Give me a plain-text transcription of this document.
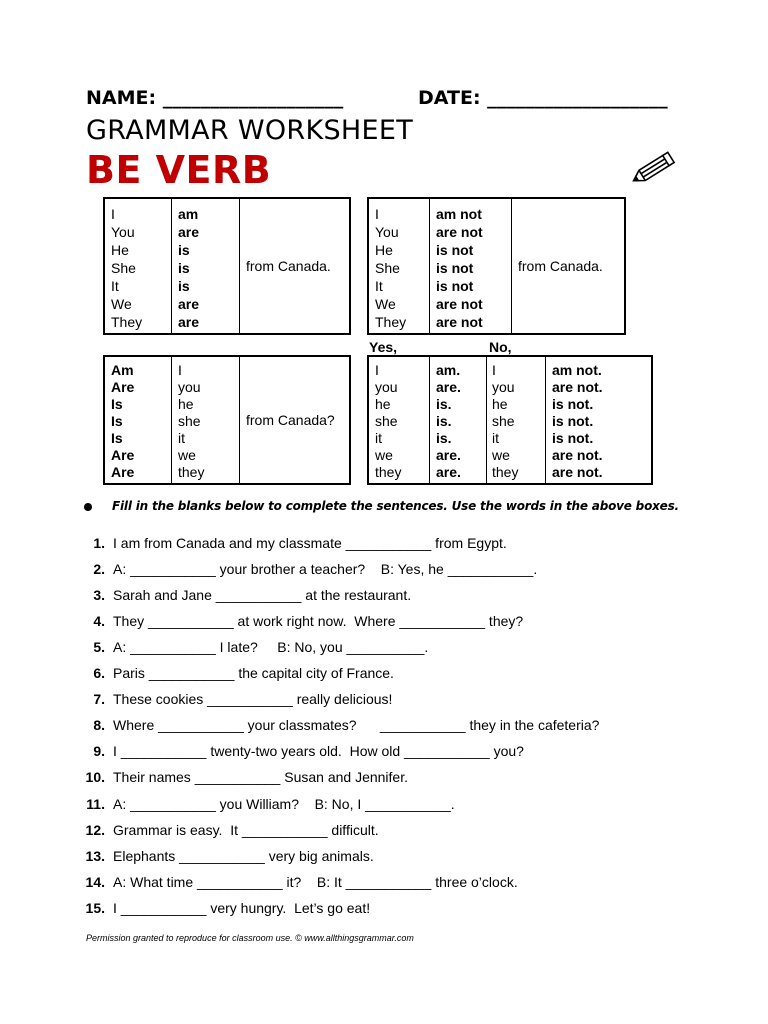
NAME: ___________________	DATE: ___________________
GRAMMAR WORKSHEET
BE VERB
I
You
He
She
It
We
They
am
are
is
is
is
are
are
from Canada.
I
You
He
She
It
We
They
am not
are not
is not
is not
is not
are not
are not
from Canada.
Yes,	No,
Am
Are
Is
Is
Is
Are
Are
I
you
he
she
it
we
they
from Canada?
I
you
he
she
it
we
they
am.
are.
is.
is.
is.
are.
are.
I
you
he
she
it
we
they
am not.
are not.
is not.
is not.
is not.
are not.
are not.
Fill in the blanks below to complete the sentences. Use the words in the above boxes.
1. I am from Canada and my classmate ___________ from Egypt.
2. A: ___________ your brother a teacher?    B: Yes, he ___________.
3. Sarah and Jane ___________ at the restaurant.
4. They ___________ at work right now.  Where ___________ they?
5. A: ___________ I late?     B: No, you __________.
6. Paris ___________ the capital city of France.
7. These cookies ___________ really delicious!
8. Where ___________ your classmates?      ___________ they in the cafeteria?
9. I ___________ twenty-two years old.  How old ___________ you?
10. Their names ___________ Susan and Jennifer.
11. A: ___________ you William?    B: No, I ___________.
12. Grammar is easy.  It ___________ difficult.
13. Elephants ___________ very big animals.
14. A: What time ___________ it?    B: It ___________ three o’clock.
15. I ___________ very hungry.  Let’s go eat!
Permission granted to reproduce for classroom use. © www.allthingsgrammar.com
